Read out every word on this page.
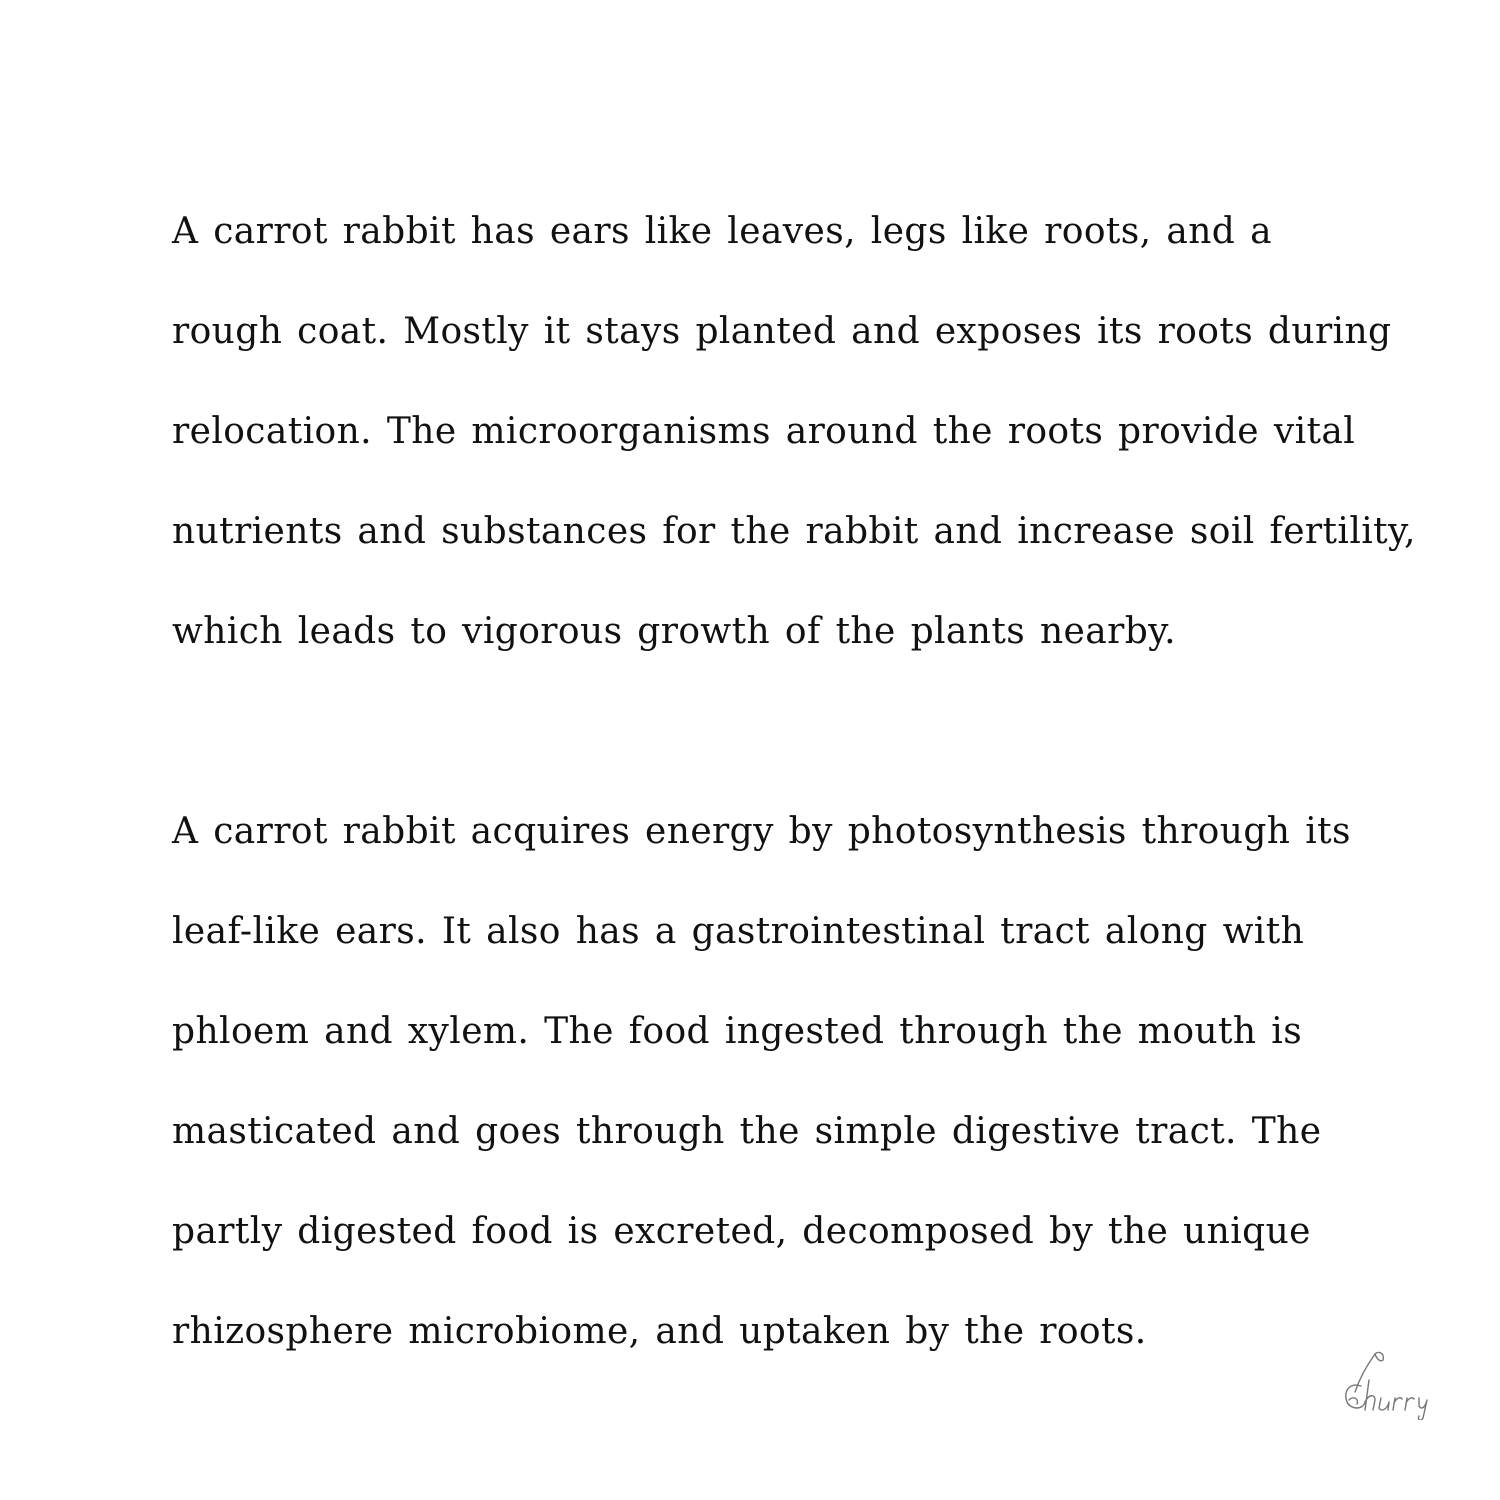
A carrot rabbit has ears like leaves, legs like roots, and a
rough coat. Mostly it stays planted and exposes its roots during
relocation. The microorganisms around the roots provide vital
nutrients and substances for the rabbit and increase soil fertility,
which leads to vigorous growth of the plants nearby.

A carrot rabbit acquires energy by photosynthesis through its
leaf-like ears. It also has a gastrointestinal tract along with
phloem and xylem. The food ingested through the mouth is
masticated and goes through the simple digestive tract. The
partly digested food is excreted, decomposed by the unique
rhizosphere microbiome, and uptaken by the roots.
